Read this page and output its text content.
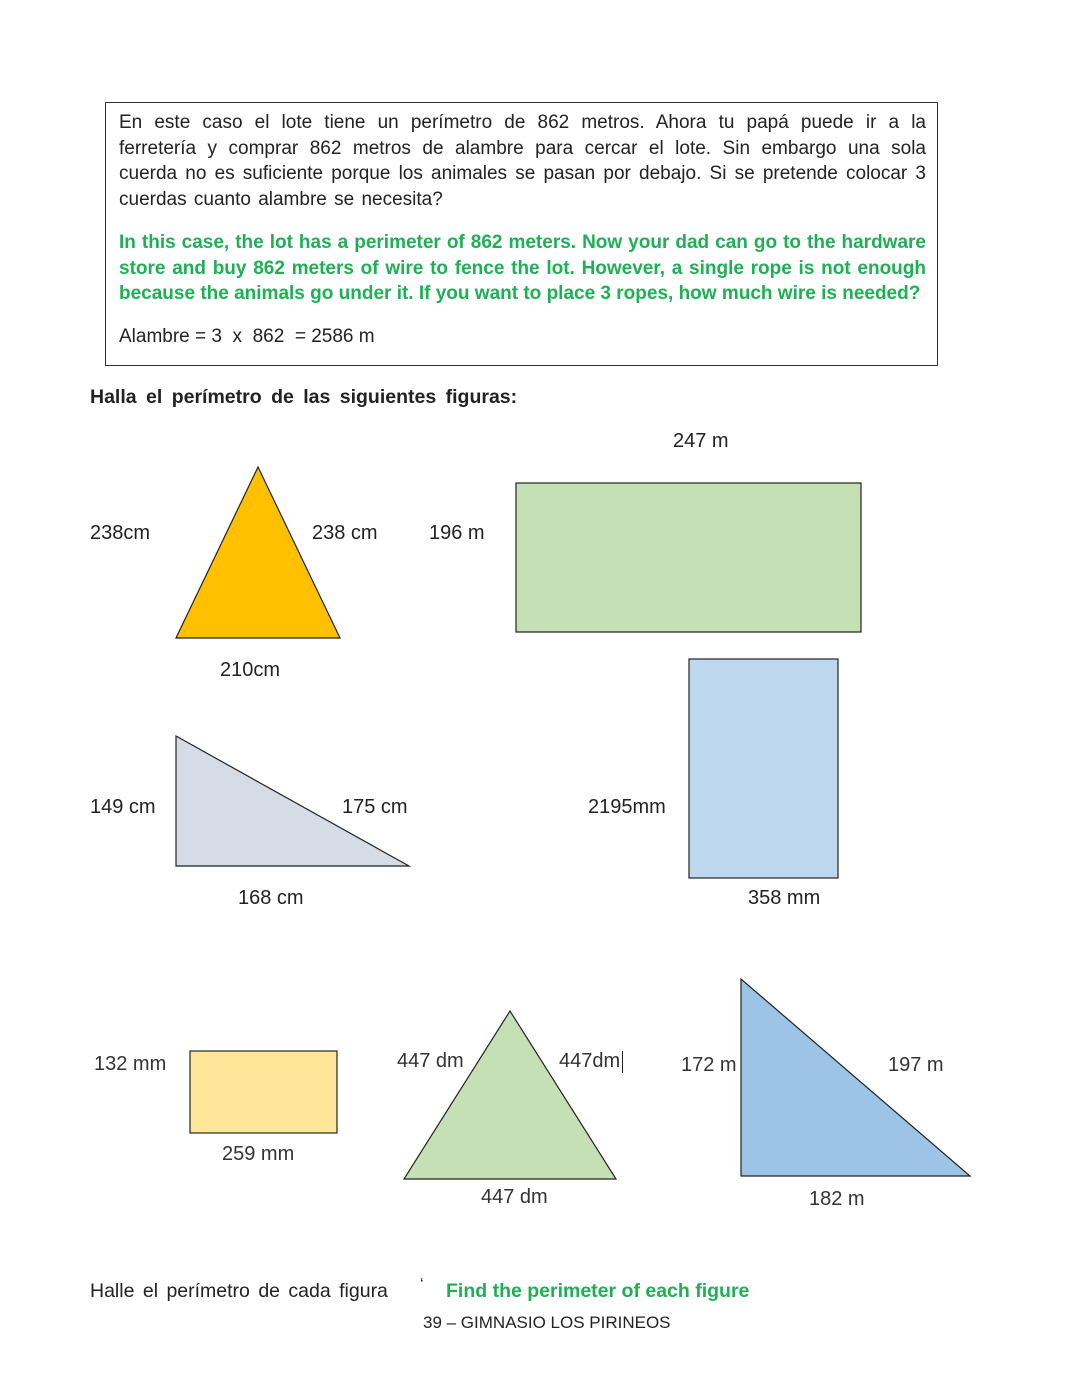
En este caso el lote tiene un perímetro de 862 metros. Ahora tu papá puede ir a la ferretería y comprar 862 metros de alambre para cercar el lote. Sin embargo una sola cuerda no es suficiente porque los animales se pasan por debajo. Si se pretende colocar 3 cuerdas cuanto alambre se necesita?

In this case, the lot has a perimeter of 862 meters. Now your dad can go to the hardware store and buy 862 meters of wire to fence the lot. However, a single rope is not enough because the animals go under it. If you want to place 3 ropes, how much wire is needed?

Alambre = 3  x  862  = 2586 m
Halla el perímetro de las siguientes figuras:
238cm	238 cm
210cm
247 m
196 m
149 cm	175 cm
168 cm
2195mm
358 mm
132 mm
259 mm
447 dm	447dm
447 dm
172 m	197 m
182 m
Halle el perímetro de cada figura ‘ Find the perimeter of each figure
39 – GIMNASIO LOS PIRINEOS
